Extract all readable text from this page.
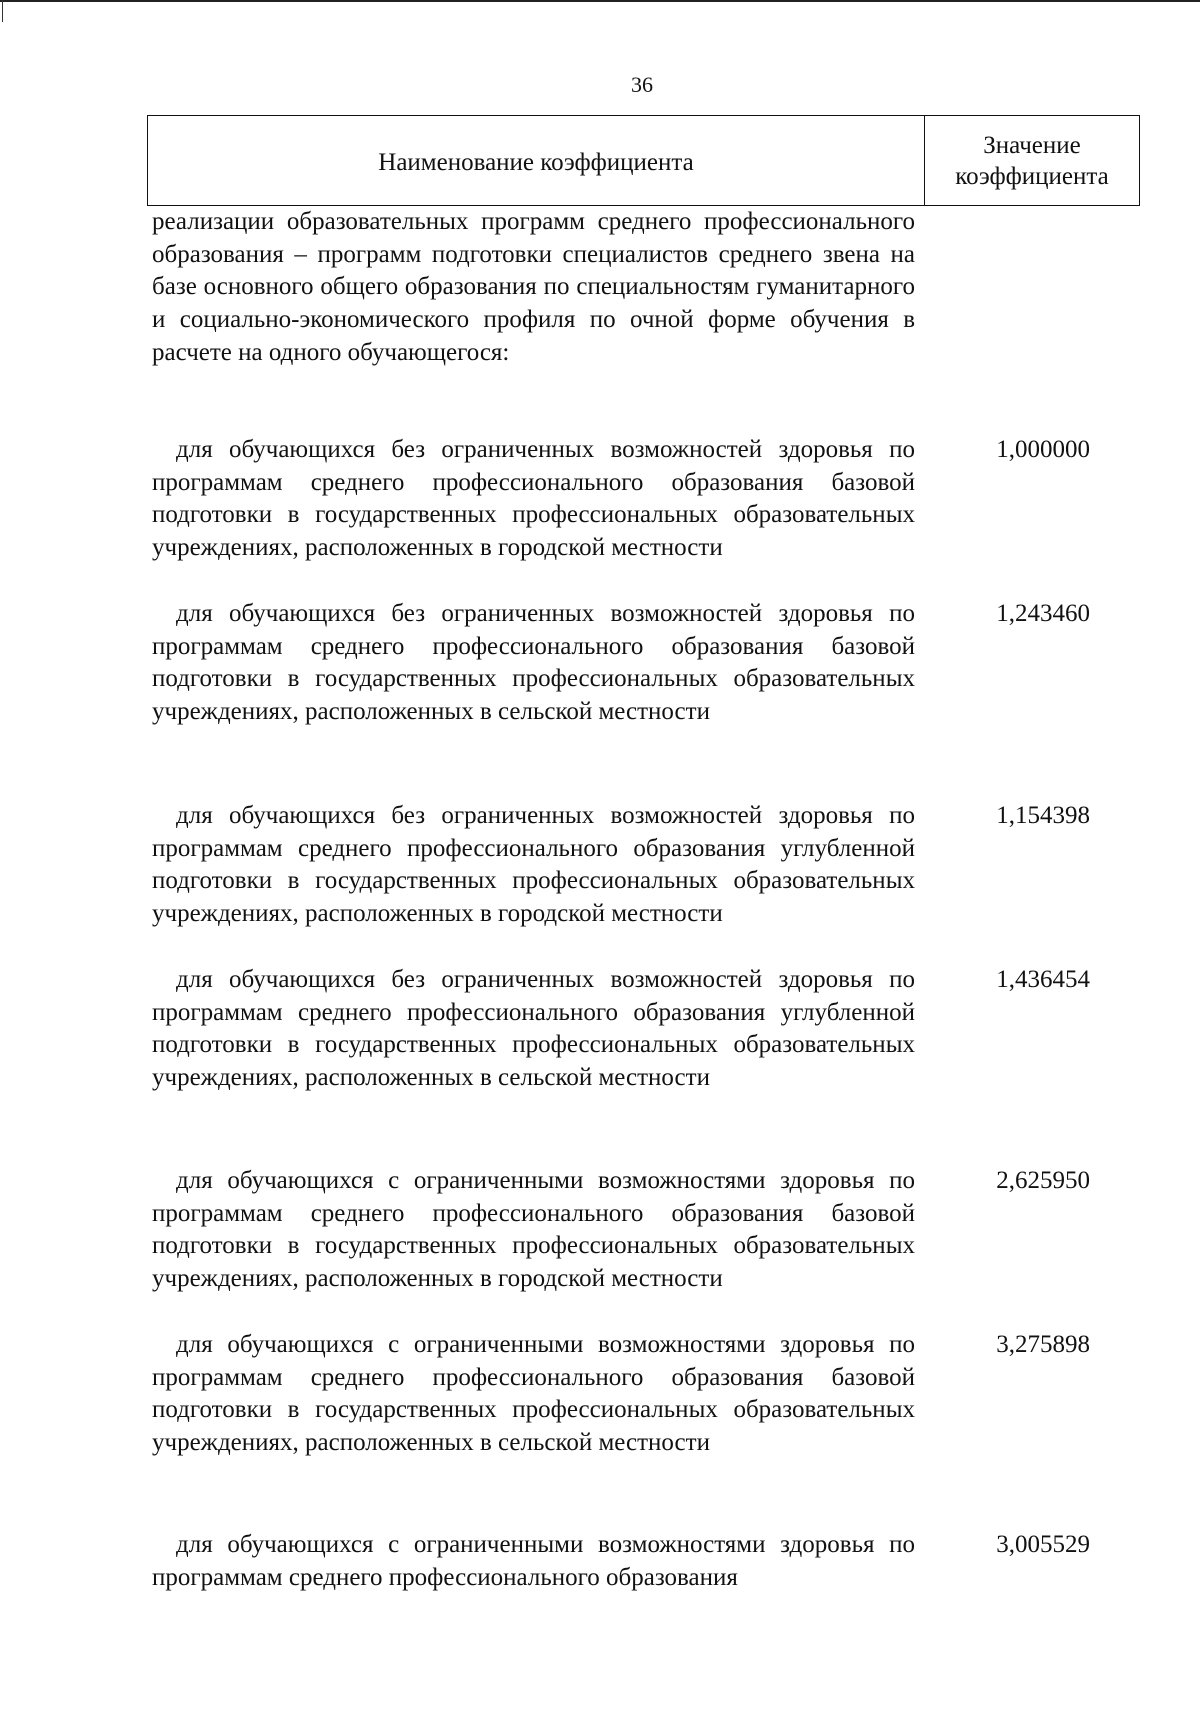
36
Наименование коэффициента
Значение
коэффициента

реализации образовательных программ среднего профессионального образования – программ подготовки специалистов среднего звена на базе основного общего образования по специальностям гуманитарного и социально-экономического профиля по очной форме обучения в расчете на одного обучающегося:

для обучающихся без ограниченных возможностей здоровья по программам среднего профессионального образования базовой подготовки в государственных профессиональных образовательных учреждениях, расположенных в городской местности

1,000000

для обучающихся без ограниченных возможностей здоровья по программам среднего профессионального образования базовой подготовки в государственных профессиональных образовательных учреждениях, расположенных в сельской местности

1,243460

для обучающихся без ограниченных возможностей здоровья по программам среднего профессионального образования углубленной подготовки в государственных профессиональных образовательных учреждениях, расположенных в городской местности

1,154398

для обучающихся без ограниченных возможностей здоровья по программам среднего профессионального образования углубленной подготовки в государственных профессиональных образовательных учреждениях, расположенных в сельской местности

1,436454

для обучающихся с ограниченными возможностями здоровья по программам среднего профессионального образования базовой подготовки в государственных профессиональных образовательных учреждениях, расположенных в городской местности

2,625950

для обучающихся с ограниченными возможностями здоровья по программам среднего профессионального образования базовой подготовки в государственных профессиональных образовательных учреждениях, расположенных в сельской местности

3,275898

для обучающихся с ограниченными возможностями здоровья по программам среднего профессионального образования

3,005529
